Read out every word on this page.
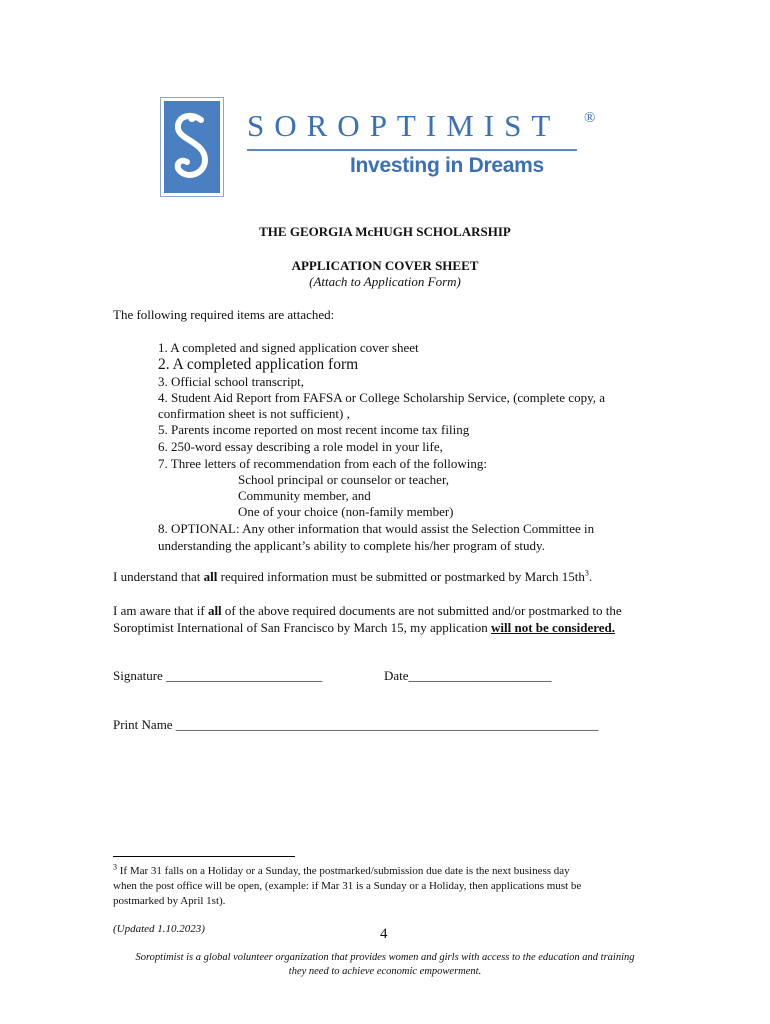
SOROPTIMIST ®
Investing in Dreams
THE GEORGIA McHUGH SCHOLARSHIP
APPLICATION COVER SHEET
(Attach to Application Form)
The following required items are attached:
1. A completed and signed application cover sheet
2. A completed application form
3. Official school transcript,
4. Student Aid Report from FAFSA or College Scholarship Service, (complete copy, a
confirmation sheet is not sufficient) ,
5. Parents income reported on most recent income tax filing
6. 250-word essay describing a role model in your life,
7. Three letters of recommendation from each of the following:
School principal or counselor or teacher,
Community member, and
One of your choice (non-family member)
8. OPTIONAL: Any other information that would assist the Selection Committee in
understanding the applicant’s ability to complete his/her program of study.
I understand that all required information must be submitted or postmarked by March $15th^3$.
I am aware that if all of the above required documents are not submitted and/or postmarked to the
Soroptimist International of San Francisco by March 15, my application will not be considered.
Signature ________________________	Date______________________
Print Name _________________________________________________________________
$^3$ If Mar 31 falls on a Holiday or a Sunday, the postmarked/submission due date is the next business day
when the post office will be open, (example: if Mar 31 is a Sunday or a Holiday, then applications must be
postmarked by April 1st).
(Updated 1.10.2023)	4
Soroptimist is a global volunteer organization that provides women and girls with access to the education and training
they need to achieve economic empowerment.
